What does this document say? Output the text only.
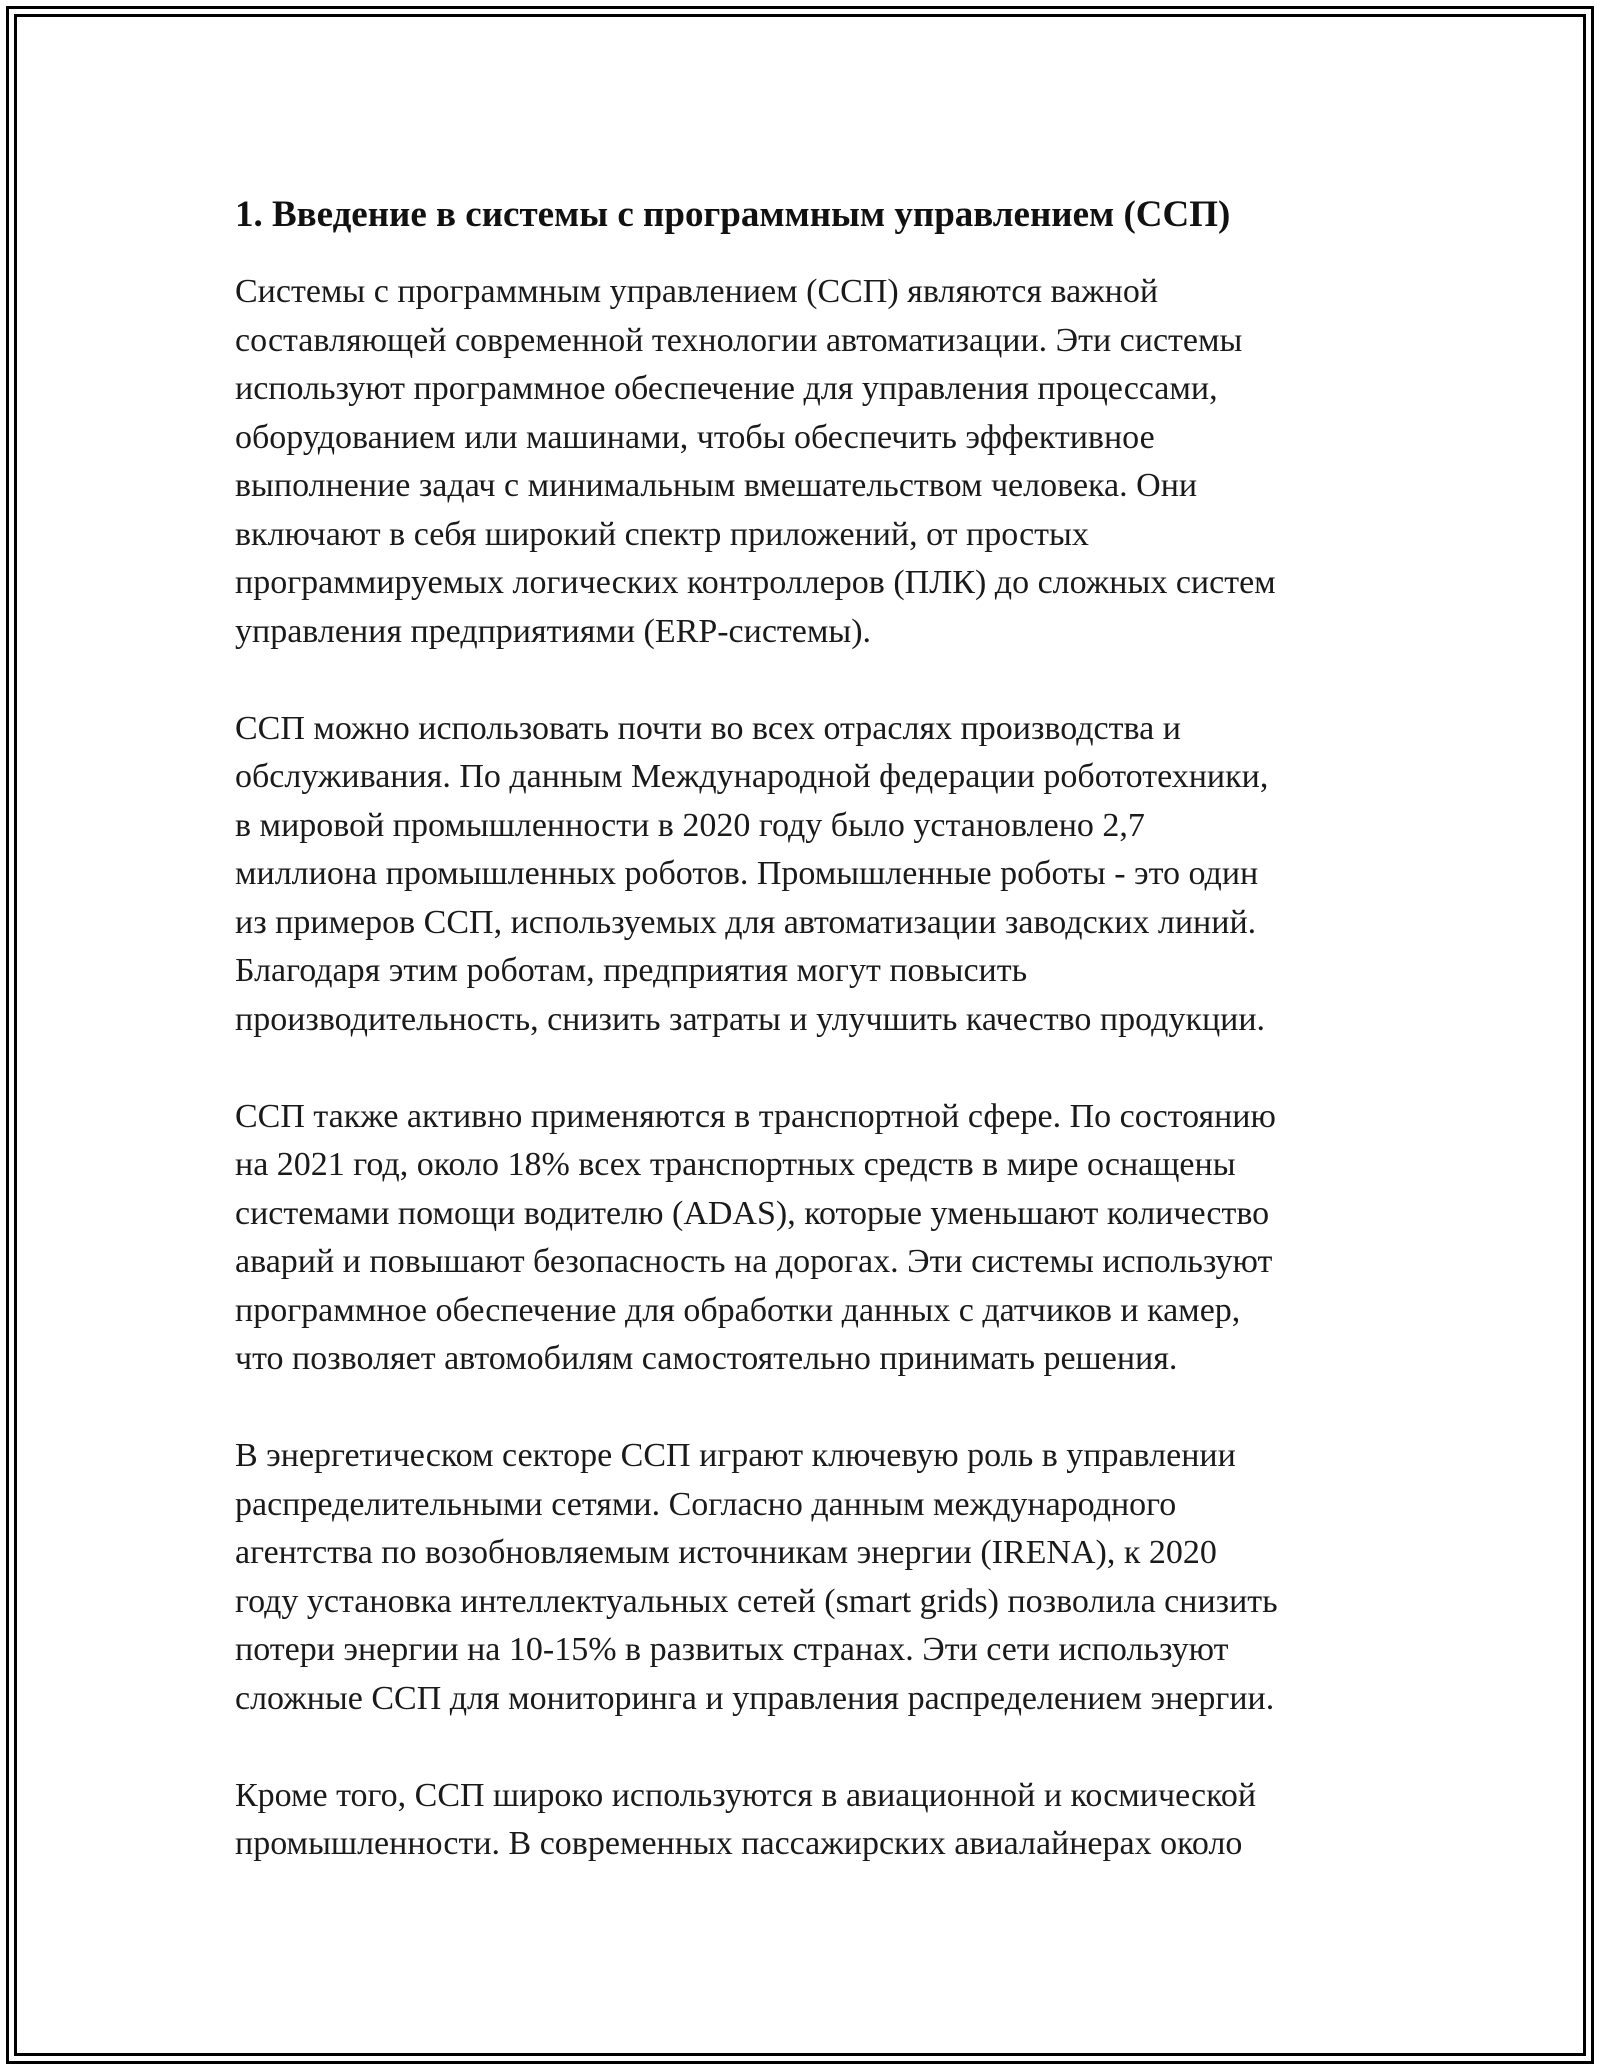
1. Введение в системы с программным управлением (ССП)

Системы с программным управлением (ССП) являются важной
составляющей современной технологии автоматизации. Эти системы
используют программное обеспечение для управления процессами,
оборудованием или машинами, чтобы обеспечить эффективное
выполнение задач с минимальным вмешательством человека. Они
включают в себя широкий спектр приложений, от простых
программируемых логических контроллеров (ПЛК) до сложных систем
управления предприятиями (ERP-системы).

ССП можно использовать почти во всех отраслях производства и
обслуживания. По данным Международной федерации робототехники,
в мировой промышленности в 2020 году было установлено 2,7
миллиона промышленных роботов. Промышленные роботы - это один
из примеров ССП, используемых для автоматизации заводских линий.
Благодаря этим роботам, предприятия могут повысить
производительность, снизить затраты и улучшить качество продукции.

ССП также активно применяются в транспортной сфере. По состоянию
на 2021 год, около 18% всех транспортных средств в мире оснащены
системами помощи водителю (ADAS), которые уменьшают количество
аварий и повышают безопасность на дорогах. Эти системы используют
программное обеспечение для обработки данных с датчиков и камер,
что позволяет автомобилям самостоятельно принимать решения.

В энергетическом секторе ССП играют ключевую роль в управлении
распределительными сетями. Согласно данным международного
агентства по возобновляемым источникам энергии (IRENA), к 2020
году установка интеллектуальных сетей (smart grids) позволила снизить
потери энергии на 10-15% в развитых странах. Эти сети используют
сложные ССП для мониторинга и управления распределением энергии.

Кроме того, ССП широко используются в авиационной и космической
промышленности. В современных пассажирских авиалайнерах около
